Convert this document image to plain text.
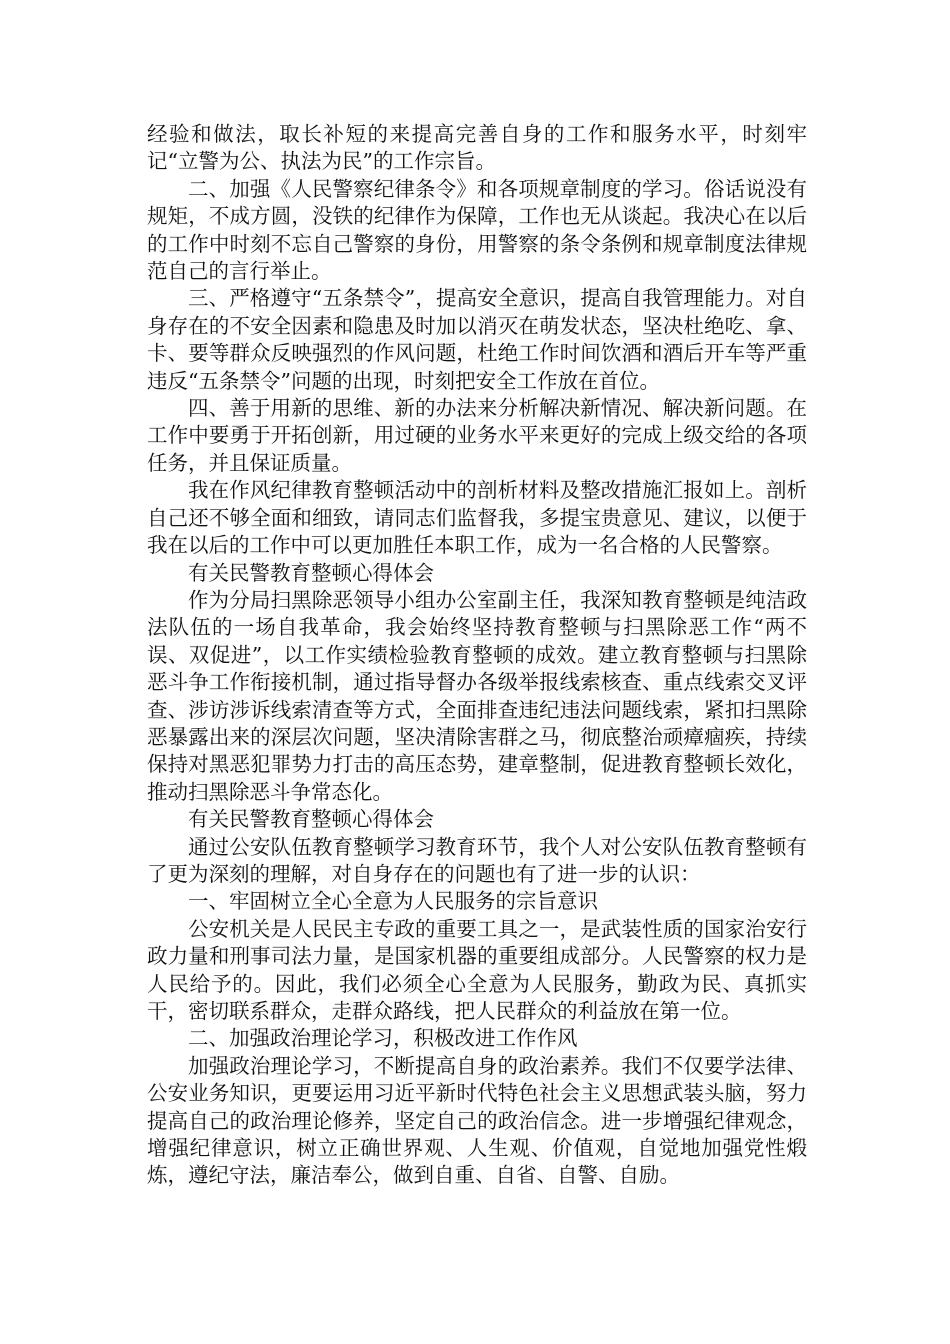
经验和做法，取长补短的来提高完善自身的工作和服务水平，时刻牢记“立警为公、执法为民”的工作宗旨。

二、加强《人民警察纪律条令》和各项规章制度的学习。俗话说没有规矩，不成方圆，没铁的纪律作为保障，工作也无从谈起。我决心在以后的工作中时刻不忘自己警察的身份，用警察的条令条例和规章制度法律规范自己的言行举止。

三、严格遵守“五条禁令”，提高安全意识，提高自我管理能力。对自身存在的不安全因素和隐患及时加以消灭在萌发状态，坚决杜绝吃、拿、卡、要等群众反映强烈的作风问题，杜绝工作时间饮酒和酒后开车等严重违反“五条禁令”问题的出现，时刻把安全工作放在首位。

四、善于用新的思维、新的办法来分析解决新情况、解决新问题。在工作中要勇于开拓创新，用过硬的业务水平来更好的完成上级交给的各项任务，并且保证质量。

我在作风纪律教育整顿活动中的剖析材料及整改措施汇报如上。剖析自己还不够全面和细致，请同志们监督我，多提宝贵意见、建议，以便于我在以后的工作中可以更加胜任本职工作，成为一名合格的人民警察。

有关民警教育整顿心得体会

作为分局扫黑除恶领导小组办公室副主任，我深知教育整顿是纯洁政法队伍的一场自我革命，我会始终坚持教育整顿与扫黑除恶工作“两不误、双促进”，以工作实绩检验教育整顿的成效。建立教育整顿与扫黑除恶斗争工作衔接机制，通过指导督办各级举报线索核查、重点线索交叉评查、涉访涉诉线索清查等方式，全面排查违纪违法问题线索，紧扣扫黑除恶暴露出来的深层次问题，坚决清除害群之马，彻底整治顽瘴痼疾，持续保持对黑恶犯罪势力打击的高压态势，建章整制，促进教育整顿长效化，推动扫黑除恶斗争常态化。

有关民警教育整顿心得体会

通过公安队伍教育整顿学习教育环节，我个人对公安队伍教育整顿有了更为深刻的理解，对自身存在的问题也有了进一步的认识：

一、牢固树立全心全意为人民服务的宗旨意识

公安机关是人民民主专政的重要工具之一，是武装性质的国家治安行政力量和刑事司法力量，是国家机器的重要组成部分。人民警察的权力是人民给予的。因此，我们必须全心全意为人民服务，勤政为民、真抓实干，密切联系群众，走群众路线，把人民群众的利益放在第一位。

二、加强政治理论学习，积极改进工作作风

加强政治理论学习，不断提高自身的政治素养。我们不仅要学法律、公安业务知识，更要运用习近平新时代特色社会主义思想武装头脑，努力提高自己的政治理论修养，坚定自己的政治信念。进一步增强纪律观念，增强纪律意识，树立正确世界观、人生观、价值观，自觉地加强党性煅炼，遵纪守法，廉洁奉公，做到自重、自省、自警、自励。
